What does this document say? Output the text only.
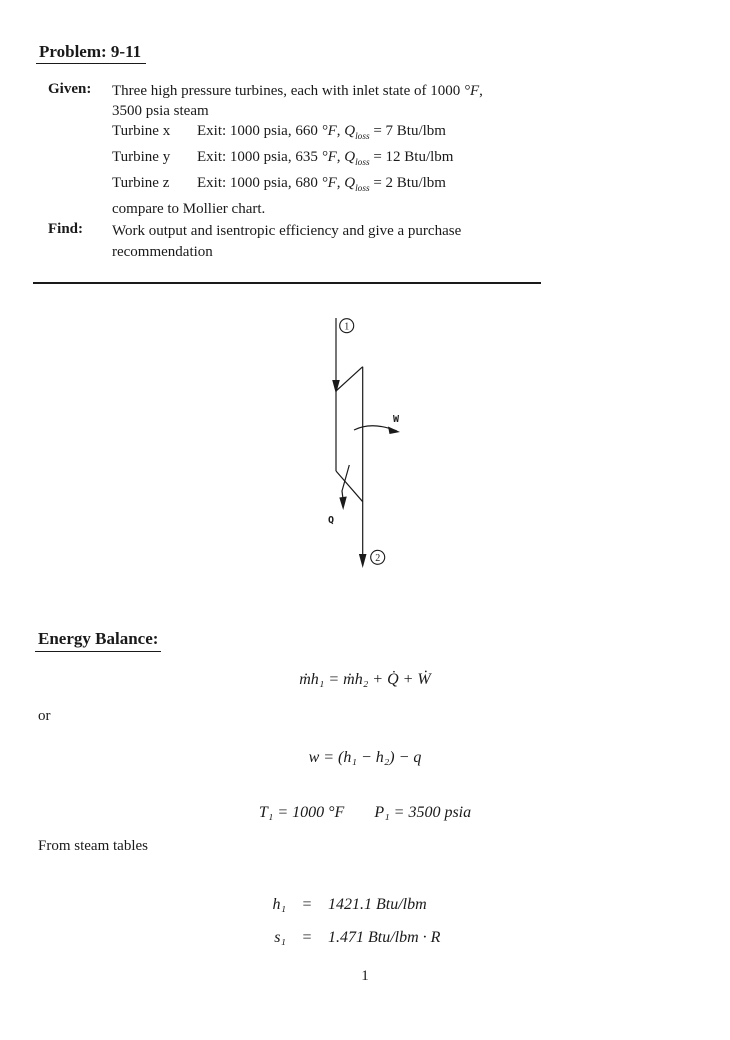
Problem: 9-11
Given: Three high pressure turbines, each with inlet state of 1000 °F,
3500 psia steam
Turbine x	Exit: 1000 psia, 660 °F, $Q_{loss} = 7$ Btu/lbm
Turbine y	Exit: 1000 psia, 635 °F, $Q_{loss} = 12$ Btu/lbm
Turbine z	Exit: 1000 psia, 680 °F, $Q_{loss} = 2$ Btu/lbm
compare to Mollier chart.
Find: Work output and isentropic efficiency and give a purchase
recommendation
1
2
W
Q
Energy Balance:
ṁh₁ = ṁh₂ + Q̇ + Ẇ
or
w = (h₁ − h₂) − q
T₁ = 1000 °F P₁ = 3500 psia
From steam tables
h₁ = 1421.1 Btu/lbm
s₁ = 1.471 Btu/lbm · R
1
